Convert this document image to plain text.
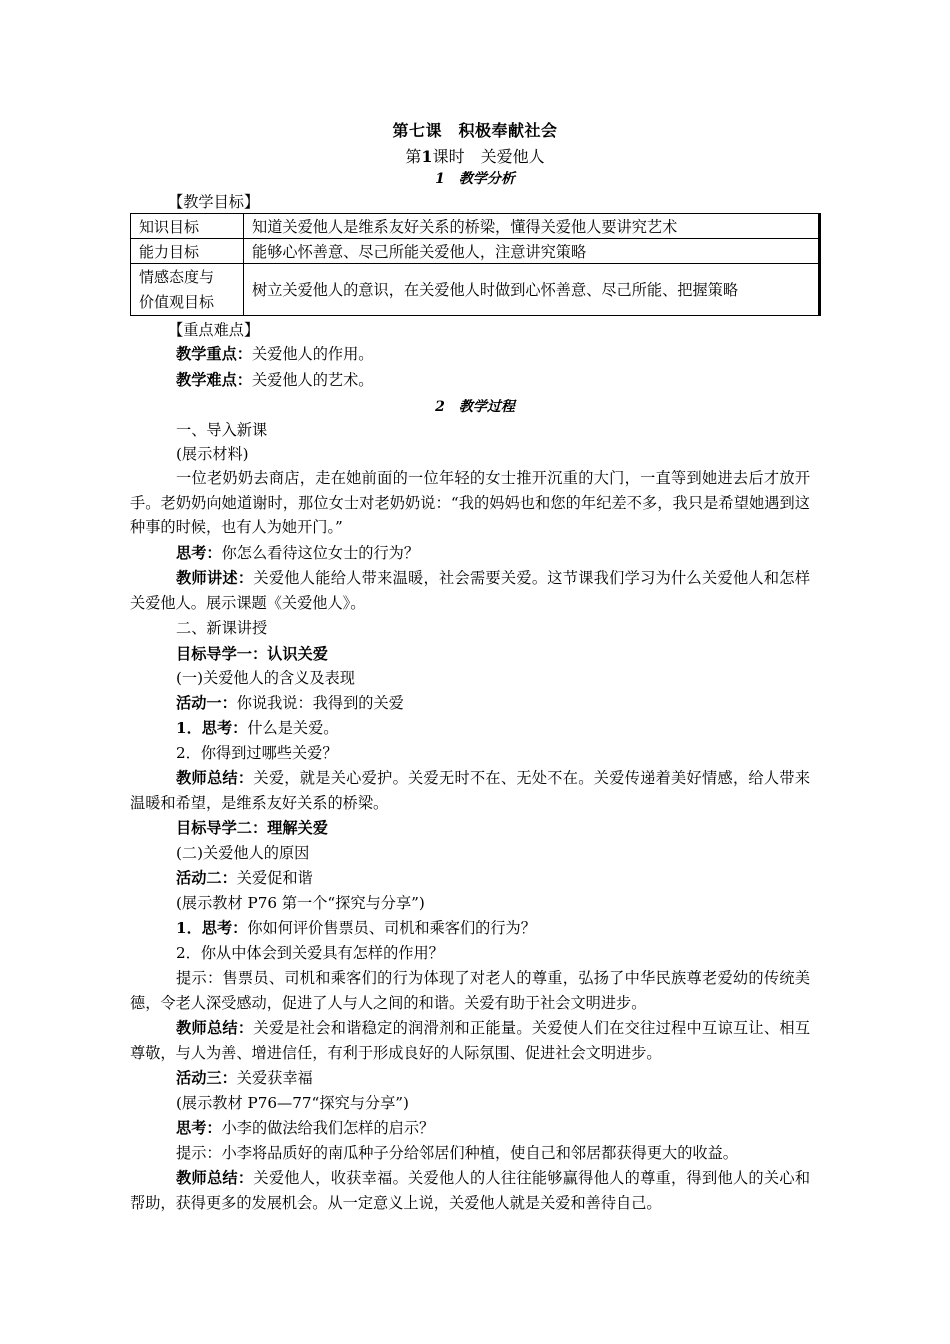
第七课　积极奉献社会
第1课时　关爱他人
1　教学分析
【教学目标】
知识目标	知道关爱他人是维系友好关系的桥梁，懂得关爱他人要讲究艺术
能力目标	能够心怀善意、尽己所能关爱他人，注意讲究策略
情感态度与
价值观目标	树立关爱他人的意识，在关爱他人时做到心怀善意、尽己所能、把握策略
【重点难点】
教学重点：关爱他人的作用。
教学难点：关爱他人的艺术。
2　教学过程
一、导入新课
(展示材料)
一位老奶奶去商店，走在她前面的一位年轻的女士推开沉重的大门，一直等到她进去后才放开手。老奶奶向她道谢时，那位女士对老奶奶说：“我的妈妈也和您的年纪差不多，我只是希望她遇到这种事的时候，也有人为她开门。”
思考：你怎么看待这位女士的行为？
教师讲述：关爱他人能给人带来温暖，社会需要关爱。这节课我们学习为什么关爱他人和怎样关爱他人。展示课题《关爱他人》。
二、新课讲授
目标导学一：认识关爱
(一)关爱他人的含义及表现
活动一：你说我说：我得到的关爱
1．思考：什么是关爱。
2．你得到过哪些关爱？
教师总结：关爱，就是关心爱护。关爱无时不在、无处不在。关爱传递着美好情感，给人带来温暖和希望，是维系友好关系的桥梁。
目标导学二：理解关爱
(二)关爱他人的原因
活动二：关爱促和谐
(展示教材 P76 第一个“探究与分享”)
1．思考：你如何评价售票员、司机和乘客们的行为？
2．你从中体会到关爱具有怎样的作用？
提示：售票员、司机和乘客们的行为体现了对老人的尊重，弘扬了中华民族尊老爱幼的传统美德，令老人深受感动，促进了人与人之间的和谐。关爱有助于社会文明进步。
教师总结：关爱是社会和谐稳定的润滑剂和正能量。关爱使人们在交往过程中互谅互让、相互尊敬，与人为善、增进信任，有利于形成良好的人际氛围、促进社会文明进步。
活动三：关爱获幸福
(展示教材 P76—77“探究与分享”)
思考：小李的做法给我们怎样的启示？
提示：小李将品质好的南瓜种子分给邻居们种植，使自己和邻居都获得更大的收益。
教师总结：关爱他人，收获幸福。关爱他人的人往往能够赢得他人的尊重，得到他人的关心和帮助，获得更多的发展机会。从一定意义上说，关爱他人就是关爱和善待自己。
